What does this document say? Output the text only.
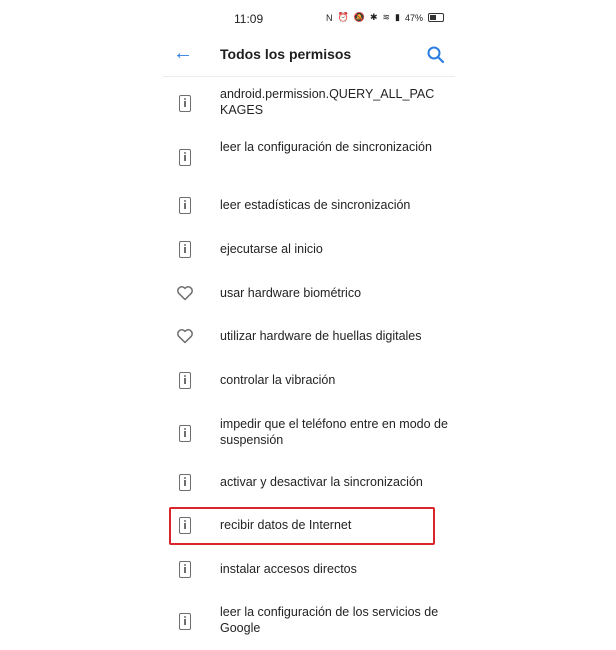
11:09	N ⏰ 🔕 ✱ ≋ ▮ 47%
← Todos los permisos
android.permission.QUERY_ALL_PAC KAGES
leer la configuración de sincronización
leer estadísticas de sincronización
ejecutarse al inicio
usar hardware biométrico
utilizar hardware de huellas digitales
controlar la vibración
impedir que el teléfono entre en modo de suspensión
activar y desactivar la sincronización
recibir datos de Internet
instalar accesos directos
leer la configuración de los servicios de Google
